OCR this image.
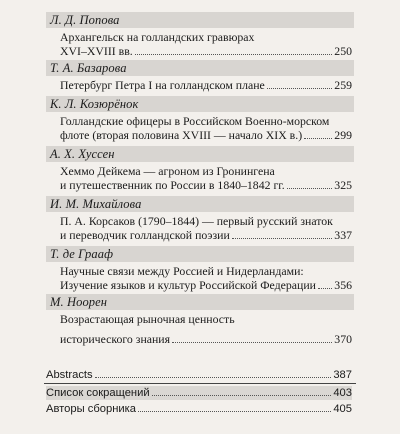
Л. Д. Попова
Архангельск на голландских гравюрах
XVI–XVIII вв.	250
Т. А. Базарова
Петербург Петра I на голландском плане	259
К. Л. Козюрёнок
Голландские офицеры в Российском Военно-морском
флоте (вторая половина XVIII — начало XIX в.)	299
А. Х. Хуссен
Хеммо Дейкема — агроном из Гронингена
и путешественник по России в 1840–1842 гг.	325
И. М. Михайлова
П. А. Корсаков (1790–1844) — первый русский знаток
и переводчик голландской поэзии	337
Т. де Грааф
Научные связи между Россией и Нидерландами:
Изучение языков и культур Российской Федерации 356
М. Ноорен
Возрастающая рыночная ценность
исторического знания	370
Abstracts	387
Список сокращений	403
Авторы сборника	405
